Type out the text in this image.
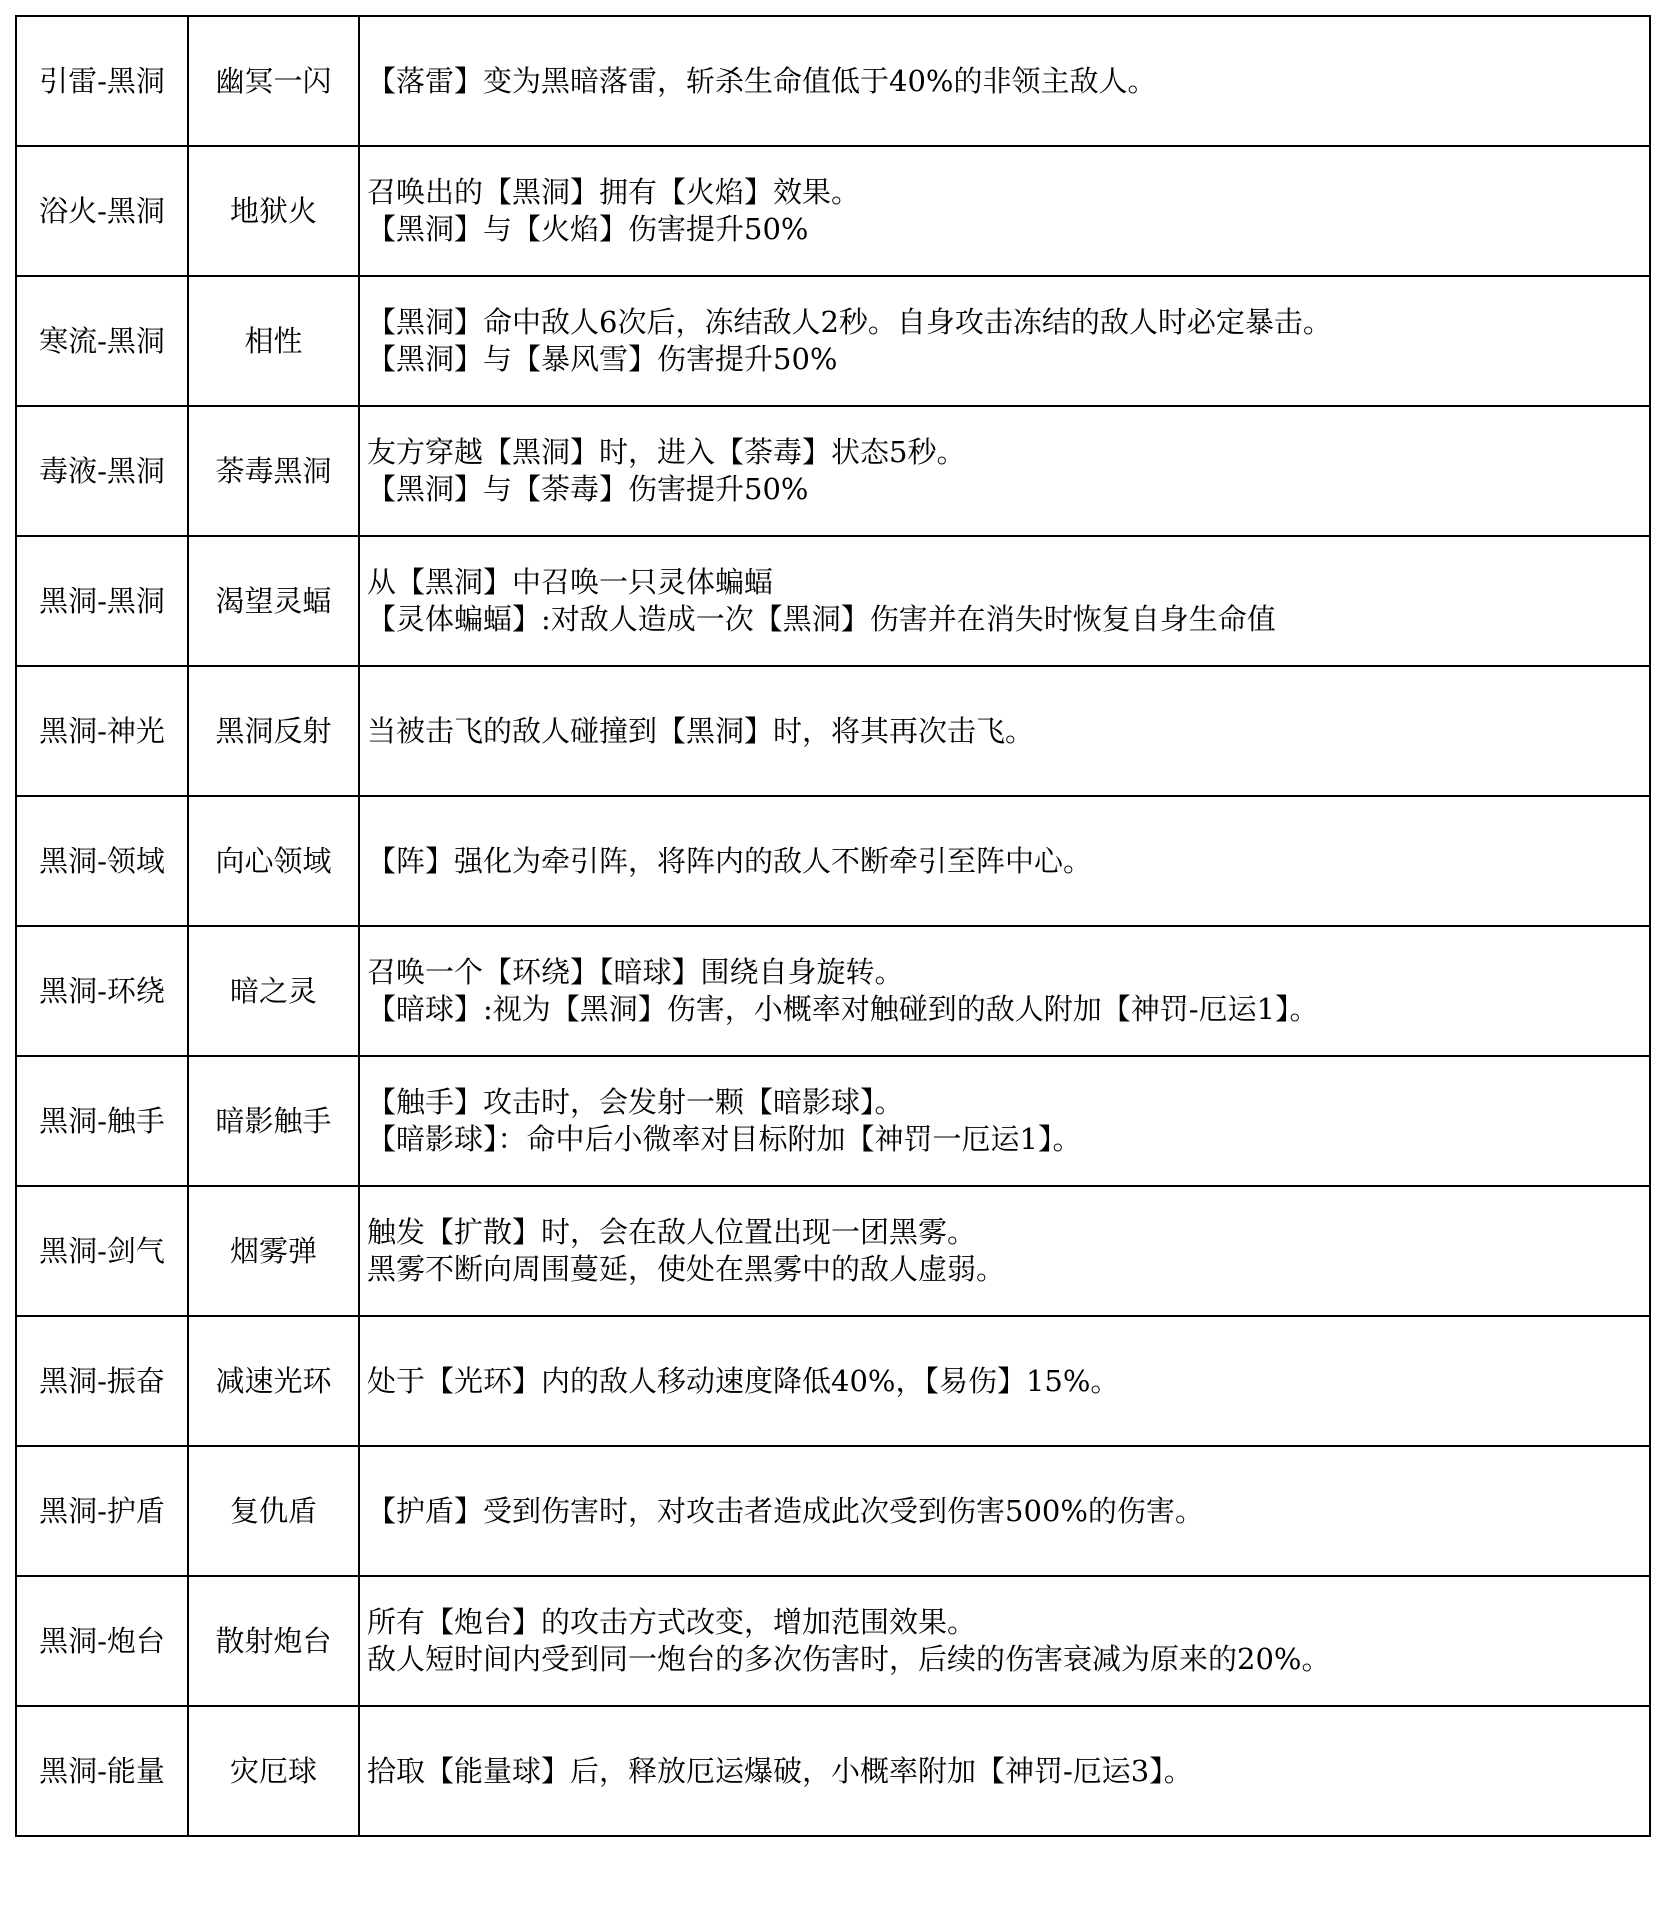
引雷-黑洞	幽冥一闪	【落雷】变为黑暗落雷，斩杀生命值低于40%的非领主敌人。

浴火-黑洞	地狱火	召唤出的【黑洞】拥有【火焰】效果。
【黑洞】与【火焰】伤害提升50%

寒流-黑洞	相性	【黑洞】命中敌人6次后，冻结敌人2秒。自身攻击冻结的敌人时必定暴击。
【黑洞】与【暴风雪】伤害提升50%

毒液-黑洞	荼毒黑洞	友方穿越【黑洞】时，进入【荼毒】状态5秒。
【黑洞】与【荼毒】伤害提升50%

黑洞-黑洞	渴望灵蝠	从【黑洞】中召唤一只灵体蝙蝠
【灵体蝙蝠】:对敌人造成一次【黑洞】伤害并在消失时恢复自身生命值

黑洞-神光	黑洞反射	当被击飞的敌人碰撞到【黑洞】时，将其再次击飞。

黑洞-领域	向心领域	【阵】强化为牵引阵，将阵内的敌人不断牵引至阵中心。

黑洞-环绕	暗之灵	召唤一个【环绕】【暗球】围绕自身旋转。
【暗球】:视为【黑洞】伤害，小概率对触碰到的敌人附加【神罚-厄运1】。

黑洞-触手	暗影触手	【触手】攻击时，会发射一颗【暗影球】。
【暗影球】：命中后小微率对目标附加【神罚一厄运1】。

黑洞-剑气	烟雾弹	触发【扩散】时，会在敌人位置出现一团黑雾。
黑雾不断向周围蔓延，使处在黑雾中的敌人虚弱。

黑洞-振奋	减速光环	处于【光环】内的敌人移动速度降低40%，【易伤】15%。

黑洞-护盾	复仇盾	【护盾】受到伤害时，对攻击者造成此次受到伤害500%的伤害。

黑洞-炮台	散射炮台	所有【炮台】的攻击方式改变，增加范围效果。
敌人短时间内受到同一炮台的多次伤害时，后续的伤害衰减为原来的20%。

黑洞-能量	灾厄球	拾取【能量球】后，释放厄运爆破，小概率附加【神罚-厄运3】。
